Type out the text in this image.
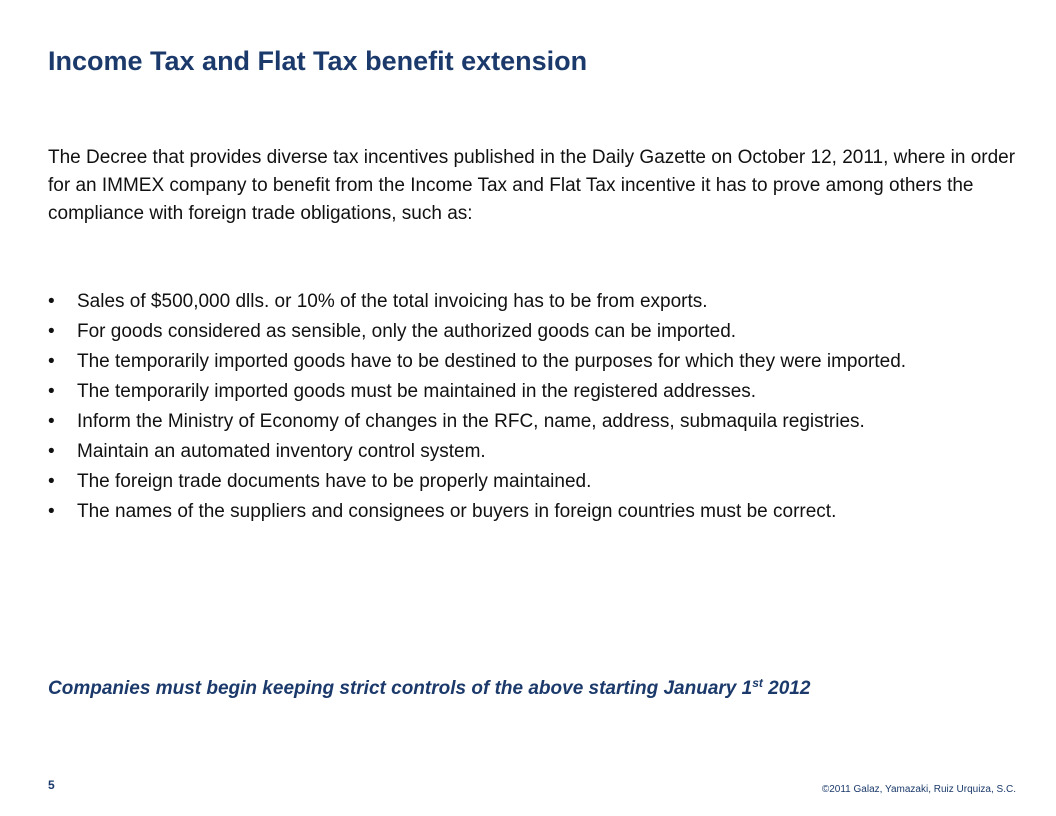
Income Tax and Flat Tax benefit extension

The Decree that provides diverse tax incentives published in the Daily Gazette on October 12, 2011, where in order for an IMMEX company to benefit from the Income Tax and Flat Tax incentive it has to prove among others the compliance with foreign trade obligations, such as:

•	Sales of $500,000 dlls. or 10% of the total invoicing has to be from exports.
•	For goods considered as sensible, only the authorized goods can be imported.
•	The temporarily imported goods have to be destined to the purposes for which they were imported.
•	The temporarily imported goods must be maintained in the registered addresses.
•	Inform the Ministry of Economy of changes in the RFC, name, address, submaquila registries.
•	Maintain an automated inventory control system.
•	The foreign trade documents have to be properly maintained.
•	The names of the suppliers and consignees or buyers in foreign countries must be correct.

Companies must begin keeping strict controls of the above starting January 1st 2012

5	©2011 Galaz, Yamazaki, Ruiz Urquiza, S.C.
